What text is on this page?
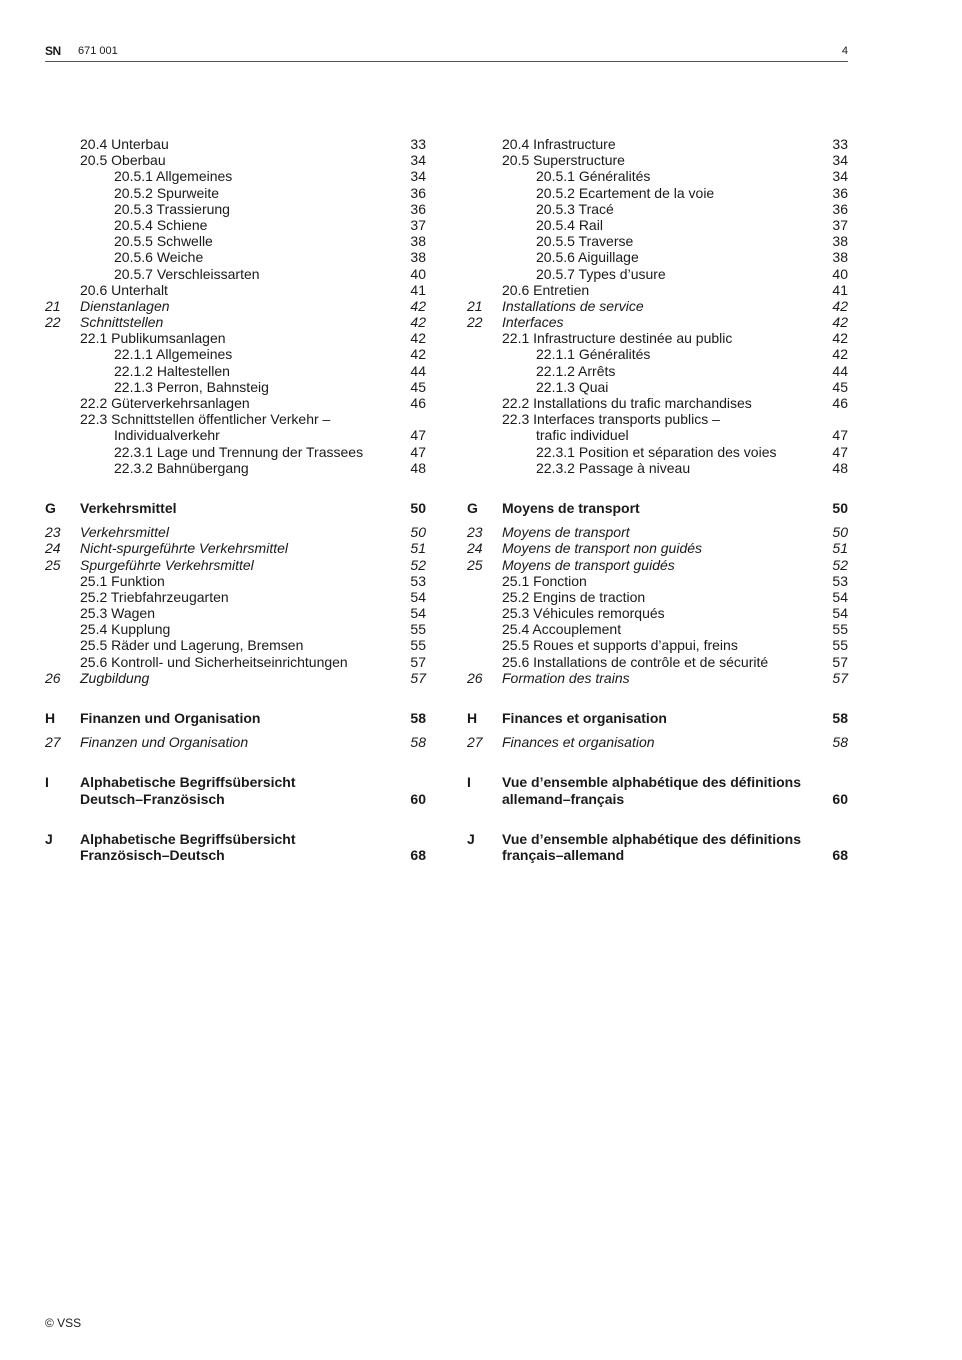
SN 671 001	4
20.4 Unterbau	33
20.5 Oberbau	34
20.5.1 Allgemeines	34
20.5.2 Spurweite	36
20.5.3 Trassierung	36
20.5.4 Schiene	37
20.5.5 Schwelle	38
20.5.6 Weiche	38
20.5.7 Verschleissarten	40
20.6 Unterhalt	41
21 Dienstanlagen	42
22 Schnittstellen	42
22.1 Publikumsanlagen	42
22.1.1 Allgemeines	42
22.1.2 Haltestellen	44
22.1.3 Perron, Bahnsteig	45
22.2 Güterverkehrsanlagen	46
22.3 Schnittstellen öffentlicher Verkehr –
Individualverkehr	47
22.3.1 Lage und Trennung der Trassees	47
22.3.2 Bahnübergang	48
G Verkehrsmittel	50
23 Verkehrsmittel	50
24 Nicht-spurgeführte Verkehrsmittel	51
25 Spurgeführte Verkehrsmittel	52
25.1 Funktion	53
25.2 Triebfahrzeugarten	54
25.3 Wagen	54
25.4 Kupplung	55
25.5 Räder und Lagerung, Bremsen	55
25.6 Kontroll- und Sicherheitseinrichtungen	57
26 Zugbildung	57
H Finanzen und Organisation	58
27 Finanzen und Organisation	58
I Alphabetische Begriffsübersicht
Deutsch–Französisch	60
J Alphabetische Begriffsübersicht
Französisch–Deutsch	68
20.4 Infrastructure	33
20.5 Superstructure	34
20.5.1 Généralités	34
20.5.2 Ecartement de la voie	36
20.5.3 Tracé	36
20.5.4 Rail	37
20.5.5 Traverse	38
20.5.6 Aiguillage	38
20.5.7 Types d’usure	40
20.6 Entretien	41
21 Installations de service	42
22 Interfaces	42
22.1 Infrastructure destinée au public	42
22.1.1 Généralités	42
22.1.2 Arrêts	44
22.1.3 Quai	45
22.2 Installations du trafic marchandises	46
22.3 Interfaces transports publics –
trafic individuel	47
22.3.1 Position et séparation des voies	47
22.3.2 Passage à niveau	48
G Moyens de transport	50
23 Moyens de transport	50
24 Moyens de transport non guidés	51
25 Moyens de transport guidés	52
25.1 Fonction	53
25.2 Engins de traction	54
25.3 Véhicules remorqués	54
25.4 Accouplement	55
25.5 Roues et supports d’appui, freins	55
25.6 Installations de contrôle et de sécurité	57
26 Formation des trains	57
H Finances et organisation	58
27 Finances et organisation	58
I Vue d’ensemble alphabétique des définitions
allemand–français	60
J Vue d’ensemble alphabétique des définitions
français–allemand	68
© VSS
